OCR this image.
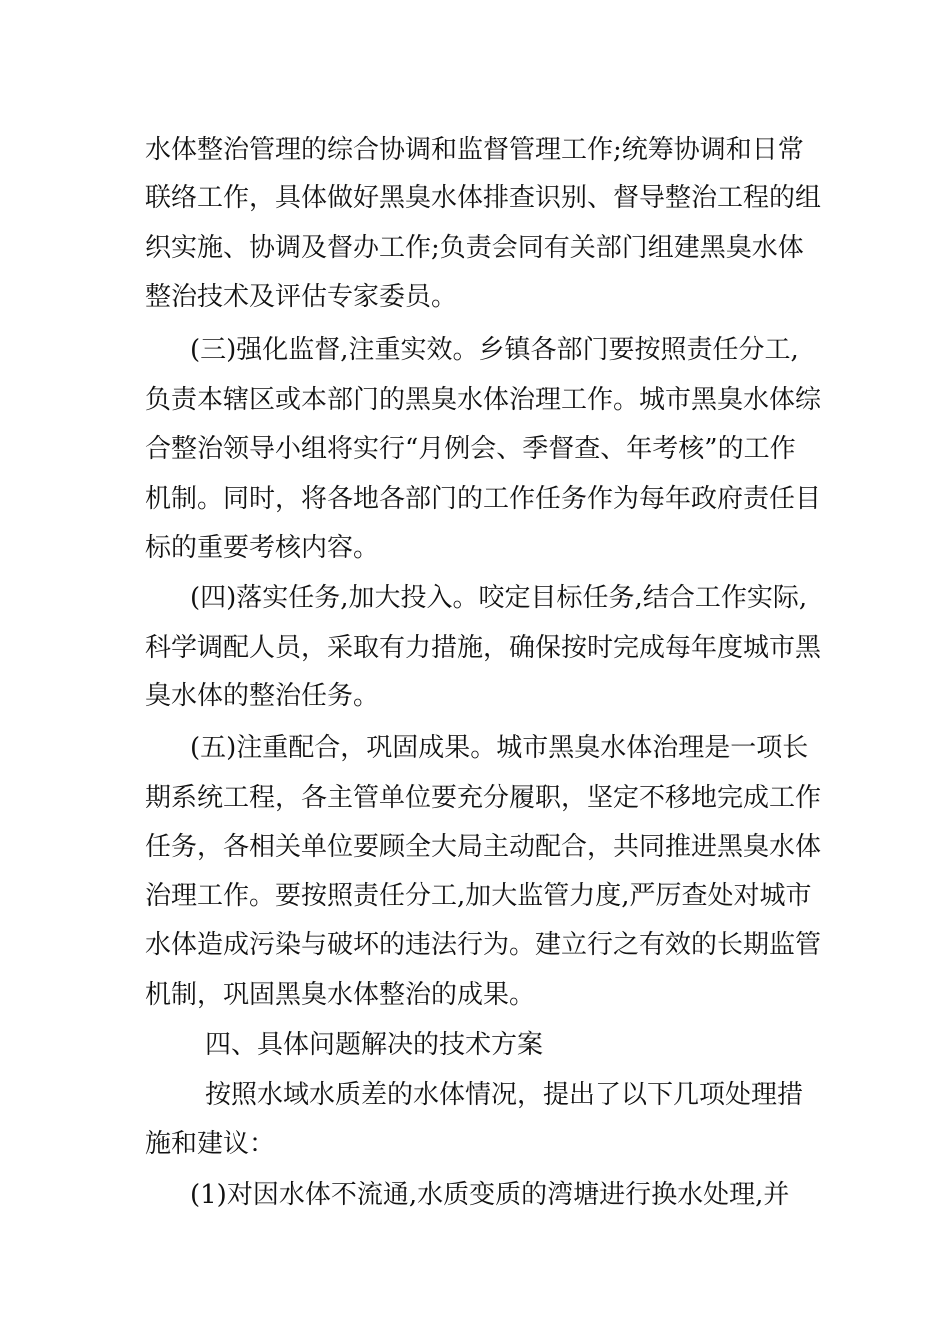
水体整治管理的综合协调和监督管理工作;统筹协调和日常
联络工作，具体做好黑臭水体排查识别、督导整治工程的组
织实施、协调及督办工作;负责会同有关部门组建黑臭水体
整治技术及评估专家委员。
(三)强化监督,注重实效。乡镇各部门要按照责任分工,
负责本辖区或本部门的黑臭水体治理工作。城市黑臭水体综
合整治领导小组将实行“月例会、季督查、年考核”的工作
机制。同时，将各地各部门的工作任务作为每年政府责任目
标的重要考核内容。
(四)落实任务,加大投入。咬定目标任务,结合工作实际,
科学调配人员，采取有力措施，确保按时完成每年度城市黑
臭水体的整治任务。
(五)注重配合，巩固成果。城市黑臭水体治理是一项长
期系统工程，各主管单位要充分履职，坚定不移地完成工作
任务，各相关单位要顾全大局主动配合，共同推进黑臭水体
治理工作。要按照责任分工,加大监管力度,严厉查处对城市
水体造成污染与破坏的违法行为。建立行之有效的长期监管
机制，巩固黑臭水体整治的成果。
四、具体问题解决的技术方案
按照水域水质差的水体情况，提出了以下几项处理措
施和建议：
(1)对因水体不流通,水质变质的湾塘进行换水处理,并
